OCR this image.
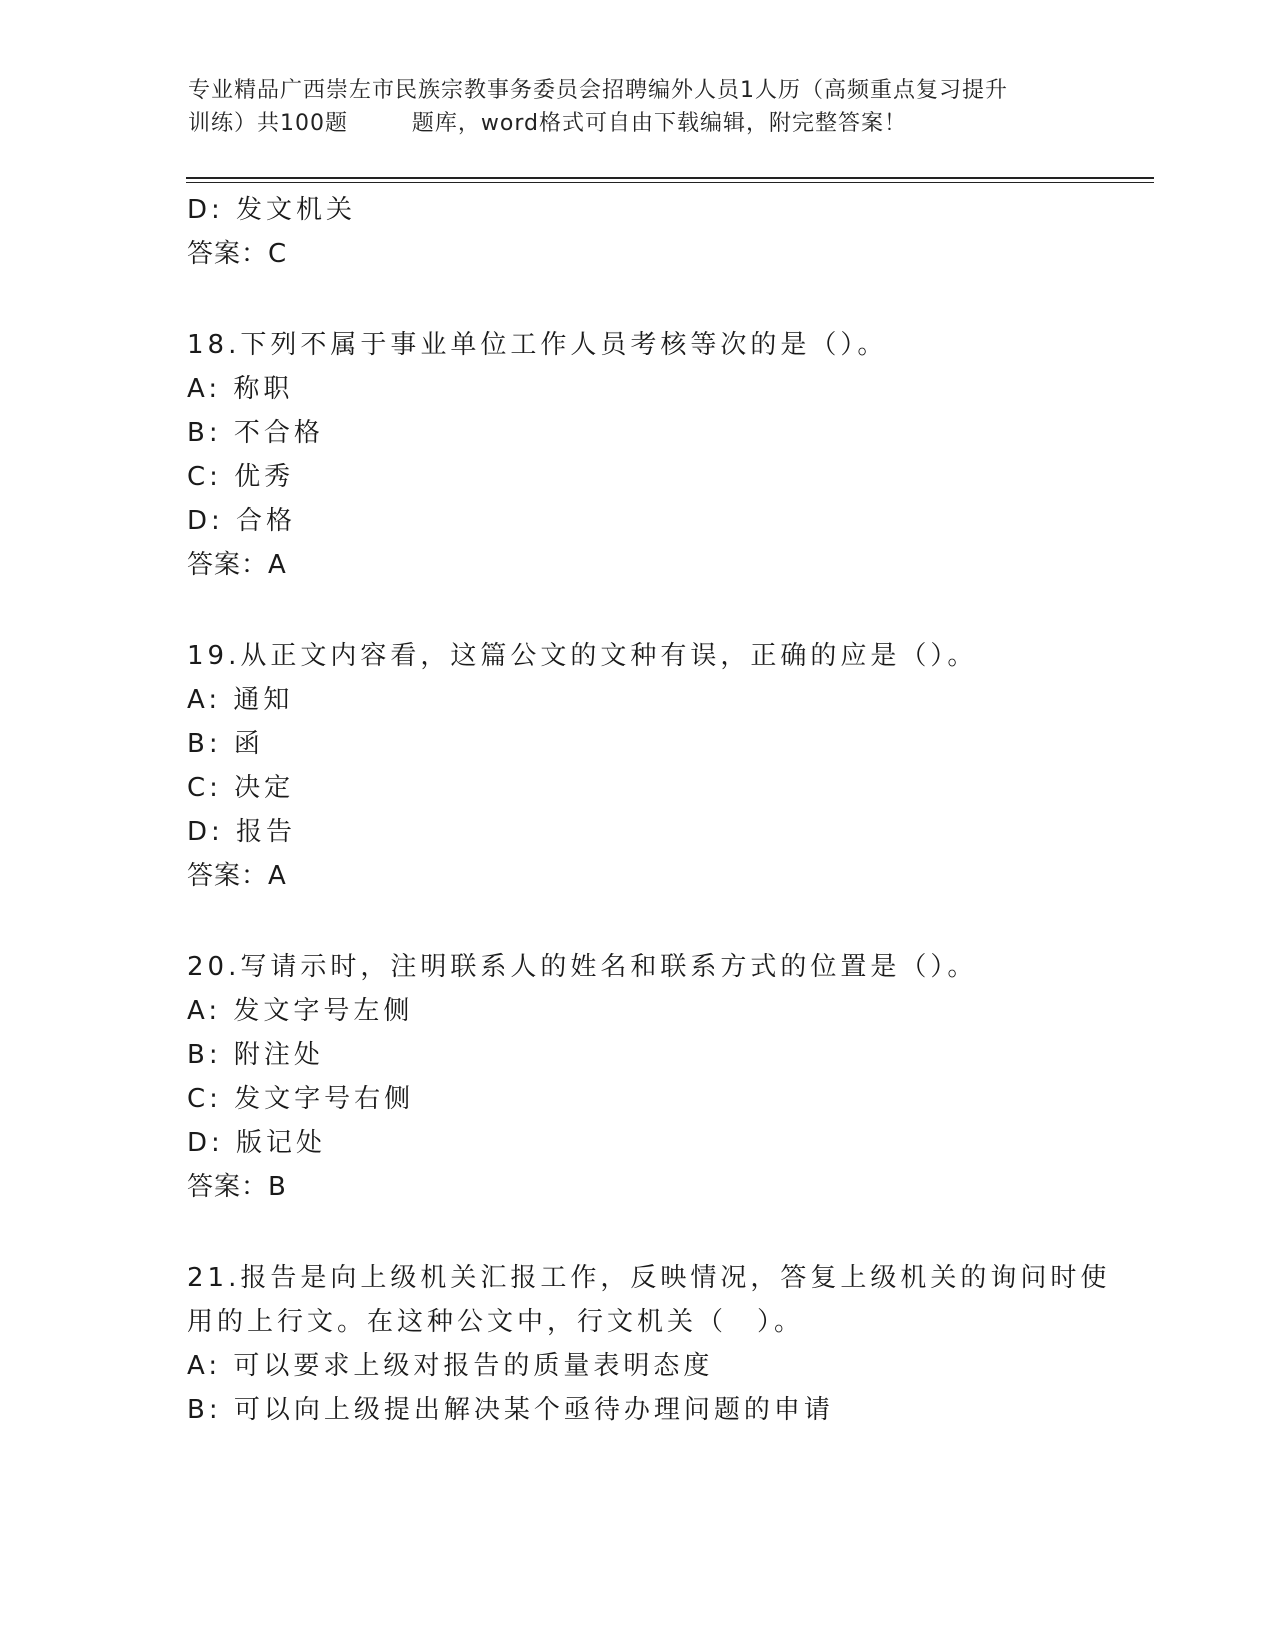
专业精品广西崇左市民族宗教事务委员会招聘编外人员1人历（高频重点复习提升
训练）共100题        题库，word格式可自由下载编辑，附完整答案！
D: 发文机关
答案：C
18.下列不属于事业单位工作人员考核等次的是（）。
A: 称职
B: 不合格
C: 优秀
D: 合格
答案：A
19.从正文内容看，这篇公文的文种有误，正确的应是（）。
A: 通知
B: 函
C: 决定
D: 报告
答案：A
20.写请示时，注明联系人的姓名和联系方式的位置是（）。
A: 发文字号左侧
B: 附注处
C: 发文字号右侧
D: 版记处
答案：B
21.报告是向上级机关汇报工作，反映情况，答复上级机关的询问时使
用的上行文。在这种公文中，行文机关（　）。
A: 可以要求上级对报告的质量表明态度
B: 可以向上级提出解决某个亟待办理问题的申请
